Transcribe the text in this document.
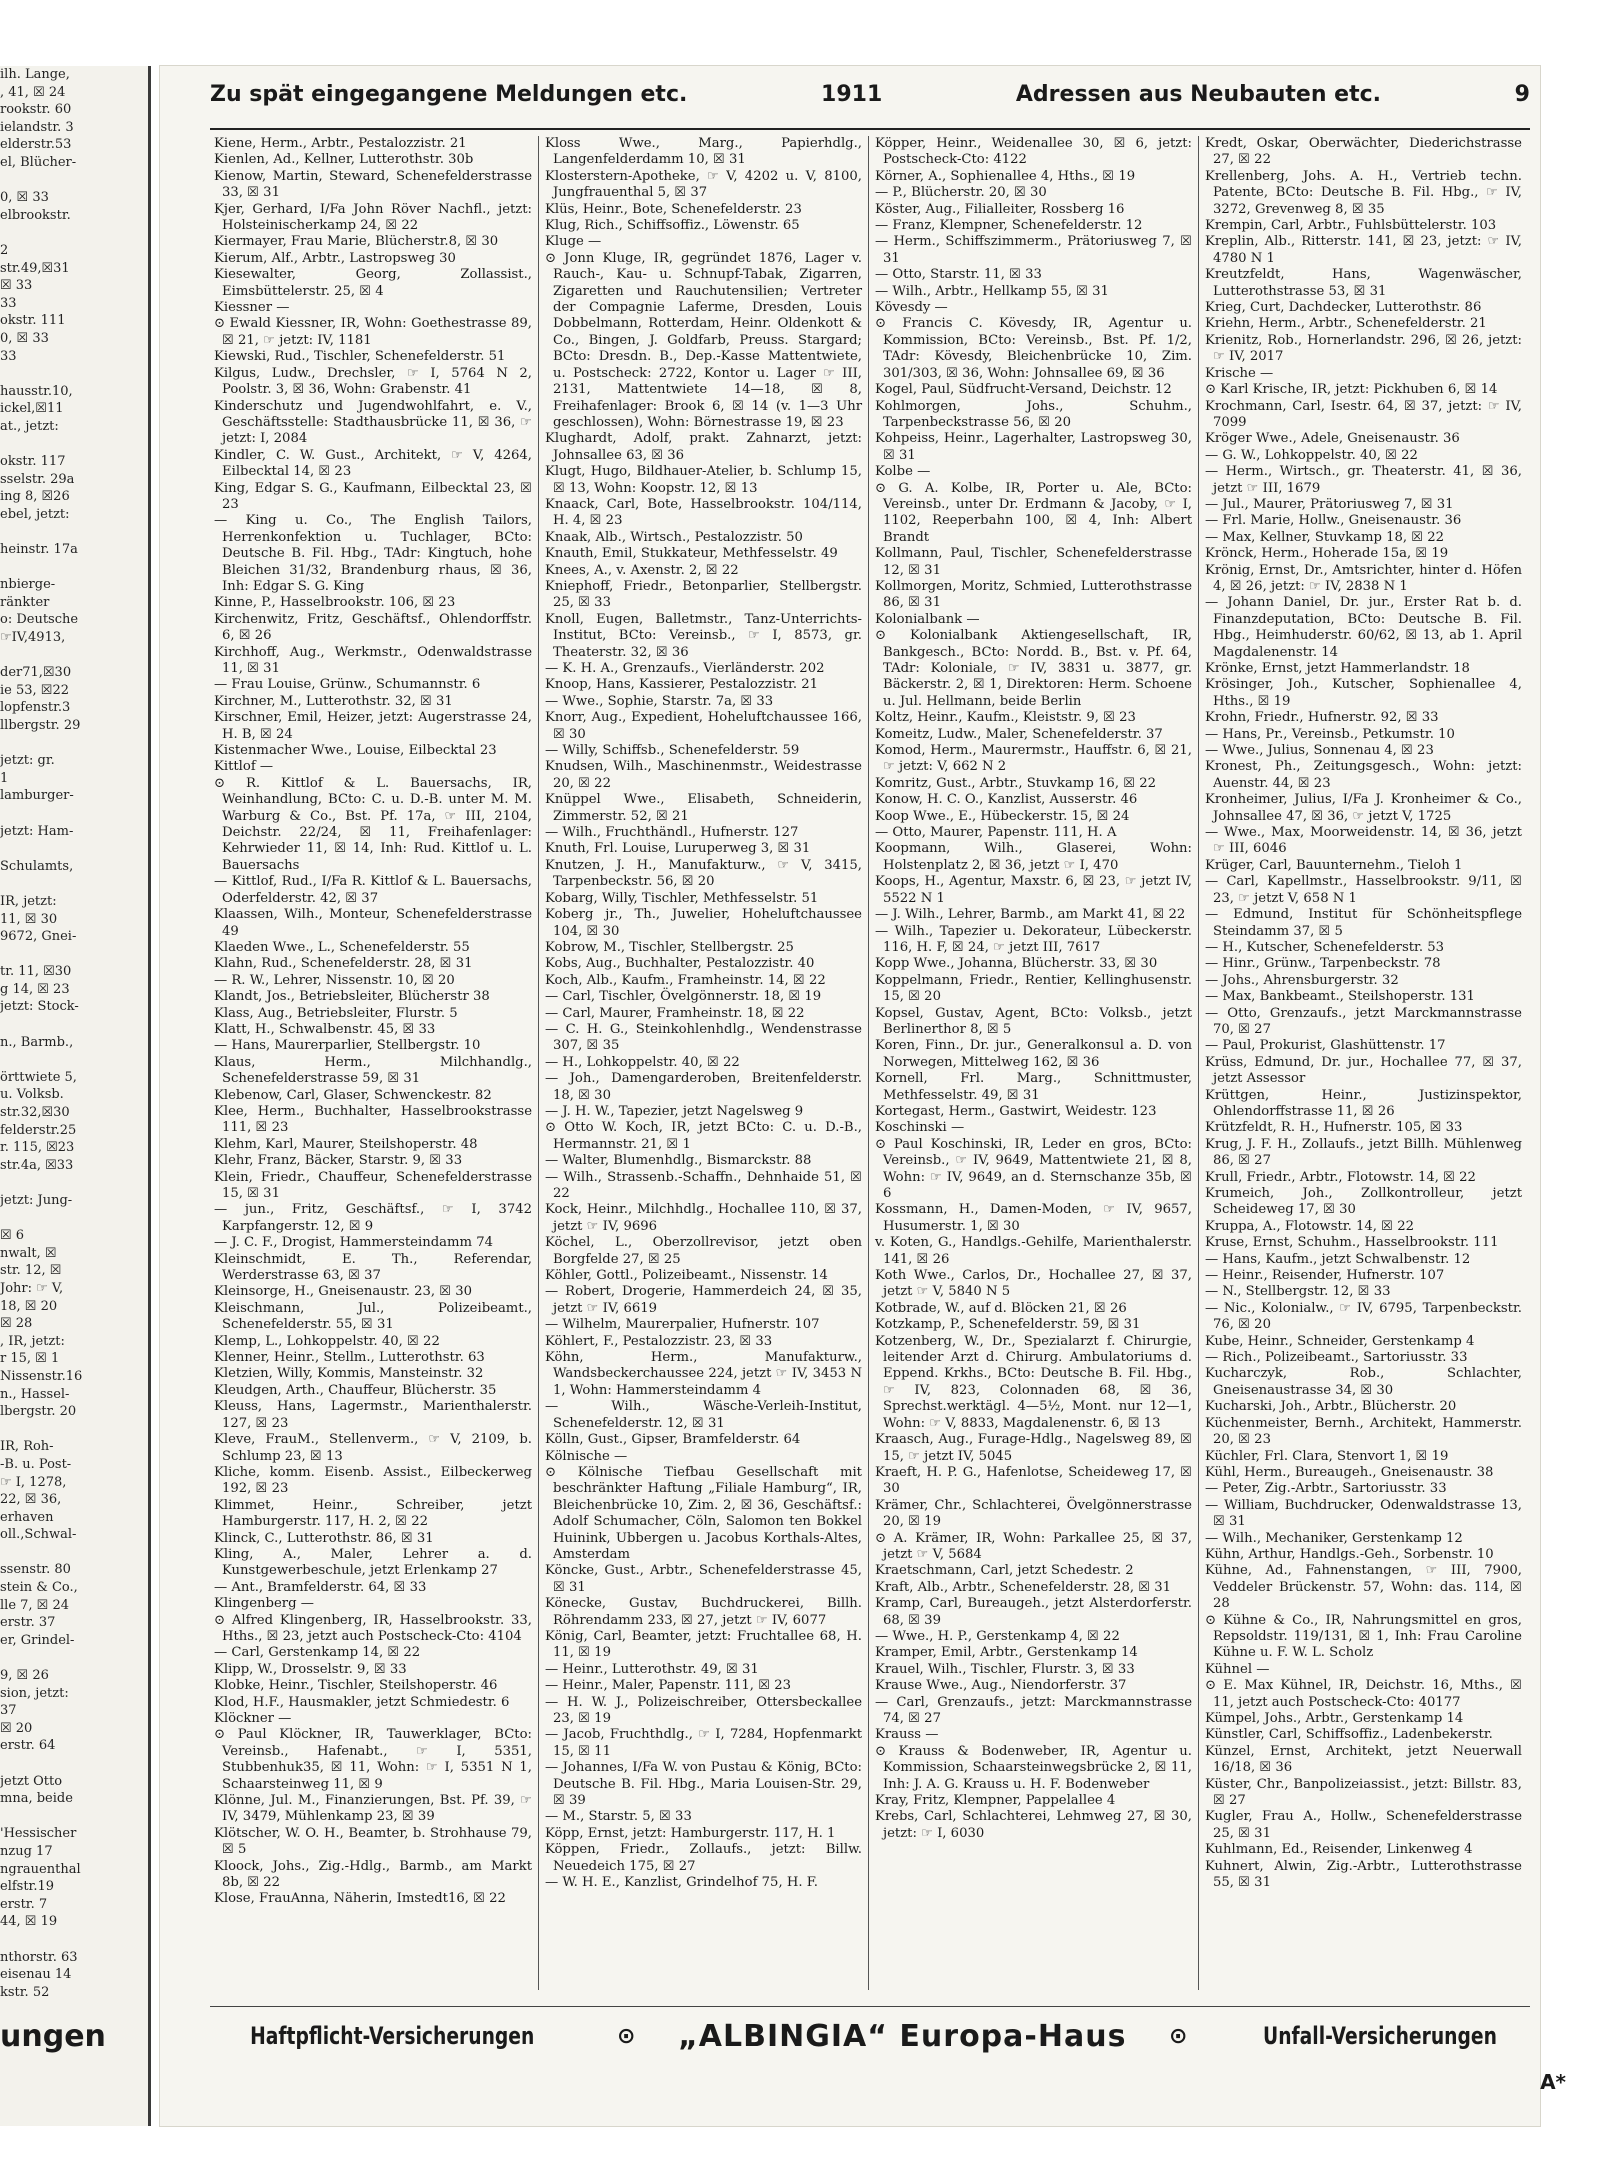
ilh. Lange,
, 41, ☒ 24
rookstr. 60
ielandstr. 3
elderstr.53
el, Blücher-

0, ☒ 33
elbrookstr.

2
str.49,☒31
☒ 33
33
okstr. 111
0, ☒ 33
33

hausstr.10,
ickel,☒11
at., jetzt:

okstr. 117
sselstr. 29a
ing 8, ☒26
ebel, jetzt:

heinstr. 17a

nbierge-
ränkter
o: Deutsche
☞IV,4913,

der71,☒30
ie 53, ☒22
lopfenstr.3
llbergstr. 29

jetzt: gr.
1
lamburger-

jetzt: Ham-

Schulamts,

IR, jetzt:
11, ☒ 30
9672, Gnei-

tr. 11, ☒30
g 14, ☒ 23
jetzt: Stock-

n., Barmb.,

örttwiete 5,
u. Volksb.
str.32,☒30
felderstr.25
r. 115, ☒23
str.4a, ☒33

jetzt: Jung-

☒ 6
nwalt, ☒
str. 12, ☒
Johr: ☞ V,
18, ☒ 20
☒ 28
, IR, jetzt:
r 15, ☒ 1
Nissenstr.16
n., Hassel-
lbergstr. 20

IR, Roh-
-B. u. Post-
☞ I, 1278,
22, ☒ 36,
erhaven
oll.,Schwal-

ssenstr. 80
stein & Co.,
lle 7, ☒ 24
erstr. 37
er, Grindel-

9, ☒ 26
sion, jetzt:
37
☒ 20
erstr. 64

jetzt Otto
mna, beide

'Hessischer
nzug 17
ngrauenthal
elfstr.19
erstr. 7
44, ☒ 19

nthorstr. 63
eisenau 14
kstr. 52
ungen
Zu spät eingegangene Meldungen etc.	1911	Adressen aus Neubauten etc.	9

Kiene, Herm., Arbtr., Pestalozzistr. 21

Kienlen, Ad., Kellner, Lutterothstr. 30b

Kienow, Martin, Steward, Schenefelderstrasse 33, ☒ 31

Kjer, Gerhard, I/Fa John Röver Nachfl., jetzt: Holsteinischerkamp 24, ☒ 22

Kiermayer, Frau Marie, Blücherstr.8, ☒ 30

Kierum, Alf., Arbtr., Lastropsweg 30

Kiesewalter, Georg, Zollassist., Eimsbüttelerstr. 25, ☒ 4

Kiessner —

⊙ Ewald Kiessner, IR, Wohn: Goethestrasse 89, ☒ 21, ☞ jetzt: IV, 1181

Kiewski, Rud., Tischler, Schenefelderstr. 51

Kilgus, Ludw., Drechsler, ☞ I, 5764 N 2, Poolstr. 3, ☒ 36, Wohn: Grabenstr. 41

Kinderschutz und Jugendwohlfahrt, e. V., Geschäftsstelle: Stadthausbrücke 11, ☒ 36, ☞ jetzt: I, 2084

Kindler, C. W. Gust., Architekt, ☞ V, 4264, Eilbecktal 14, ☒ 23

King, Edgar S. G., Kaufmann, Eilbecktal 23, ☒ 23

— King u. Co., The English Tailors, Herrenkonfektion u. Tuchlager, BCto: Deutsche B. Fil. Hbg., TAdr: Kingtuch, hohe Bleichen 31/32, Brandenburg rhaus, ☒ 36, Inh: Edgar S. G. King

Kinne, P., Hasselbrookstr. 106, ☒ 23

Kirchenwitz, Fritz, Geschäftsf., Ohlendorffstr. 6, ☒ 26

Kirchhoff, Aug., Werkmstr., Odenwaldstrasse 11, ☒ 31

— Frau Louise, Grünw., Schumannstr. 6

Kirchner, M., Lutterothstr. 32, ☒ 31

Kirschner, Emil, Heizer, jetzt: Augerstrasse 24, H. B, ☒ 24

Kistenmacher Wwe., Louise, Eilbecktal 23

Kittlof —

⊙ R. Kittlof & L. Bauersachs, IR, Weinhandlung, BCto: C. u. D.-B. unter M. M. Warburg & Co., Bst. Pf. 17a, ☞ III, 2104, Deichstr. 22/24, ☒ 11, Freihafenlager: Kehrwieder 11, ☒ 14, Inh: Rud. Kittlof u. L. Bauersachs

— Kittlof, Rud., I/Fa R. Kittlof & L. Bauersachs, Oderfelderstr. 42, ☒ 37

Klaassen, Wilh., Monteur, Schenefelderstrasse 49

Klaeden Wwe., L., Schenefelderstr. 55

Klahn, Rud., Schenefelderstr. 28, ☒ 31

— R. W., Lehrer, Nissenstr. 10, ☒ 20

Klandt, Jos., Betriebsleiter, Blücherstr 38

Klass, Aug., Betriebsleiter, Flurstr. 5

Klatt, H., Schwalbenstr. 45, ☒ 33

— Hans, Maurerparlier, Stellbergstr. 10

Klaus, Herm., Milchhandlg., Schenefelderstrasse 59, ☒ 31

Klebenow, Carl, Glaser, Schwenckestr. 82

Klee, Herm., Buchhalter, Hasselbrookstrasse 111, ☒ 23

Klehm, Karl, Maurer, Steilshoperstr. 48

Klehr, Franz, Bäcker, Starstr. 9, ☒ 33

Klein, Friedr., Chauffeur, Schenefelderstrasse 15, ☒ 31

— jun., Fritz, Geschäftsf., ☞ I, 3742 Karpfangerstr. 12, ☒ 9

— J. C. F., Drogist, Hammersteindamm 74

Kleinschmidt, E. Th., Referendar, Werderstrasse 63, ☒ 37

Kleinsorge, H., Gneisenaustr. 23, ☒ 30

Kleischmann, Jul., Polizeibeamt., Schenefelderstr. 55, ☒ 31

Klemp, L., Lohkoppelstr. 40, ☒ 22

Klenner, Heinr., Stellm., Lutterothstr. 63

Kletzien, Willy, Kommis, Mansteinstr. 32

Kleudgen, Arth., Chauffeur, Blücherstr. 35

Kleuss, Hans, Lagermstr., Marienthalerstr. 127, ☒ 23

Kleve, FrauM., Stellenverm., ☞ V, 2109, b. Schlump 23, ☒ 13

Kliche, komm. Eisenb. Assist., Eilbeckerweg 192, ☒ 23

Klimmet, Heinr., Schreiber, jetzt Hamburgerstr. 117, H. 2, ☒ 22

Klinck, C., Lutterothstr. 86, ☒ 31

Kling, A., Maler, Lehrer a. d. Kunstgewerbeschule, jetzt Erlenkamp 27

— Ant., Bramfelderstr. 64, ☒ 33

Klingenberg —

⊙ Alfred Klingenberg, IR, Hasselbrookstr. 33, Hths., ☒ 23, jetzt auch Postscheck-Cto: 4104

— Carl, Gerstenkamp 14, ☒ 22

Klipp, W., Drosselstr. 9, ☒ 33

Klobke, Heinr., Tischler, Steilshoperstr. 46

Klod, H.F., Hausmakler, jetzt Schmiedestr. 6

Klöckner —

⊙ Paul Klöckner, IR, Tauwerklager, BCto: Vereinsb., Hafenabt., ☞ I, 5351, Stubbenhuk35, ☒ 11, Wohn: ☞ I, 5351 N 1, Schaarsteinweg 11, ☒ 9

Klönne, Jul. M., Finanzierungen, Bst. Pf. 39, ☞ IV, 3479, Mühlenkamp 23, ☒ 39

Klötscher, W. O. H., Beamter, b. Strohhause 79, ☒ 5

Kloock, Johs., Zig.-Hdlg., Barmb., am Markt 8b, ☒ 22

Klose, FrauAnna, Näherin, Imstedt16, ☒ 22

Kloss Wwe., Marg., Papierhdlg., Langenfelderdamm 10, ☒ 31

Klosterstern-Apotheke, ☞ V, 4202 u. V, 8100, Jungfrauenthal 5, ☒ 37

Klüs, Heinr., Bote, Schenefelderstr. 23

Klug, Rich., Schiffsoffiz., Löwenstr. 65

Kluge —

⊙ Jonn Kluge, IR, gegründet 1876, Lager v. Rauch-, Kau- u. Schnupf-Tabak, Zigarren, Zigaretten und Rauchutensilien; Vertreter der Compagnie Laferme, Dresden, Louis Dobbelmann, Rotterdam, Heinr. Oldenkott & Co., Bingen, J. Goldfarb, Preuss. Stargard; BCto: Dresdn. B., Dep.-Kasse Mattentwiete, u. Postscheck: 2722, Kontor u. Lager ☞ III, 2131, Mattentwiete 14—18, ☒ 8, Freihafenlager: Brook 6, ☒ 14 (v. 1—3 Uhr geschlossen), Wohn: Börnestrasse 19, ☒ 23

Klughardt, Adolf, prakt. Zahnarzt, jetzt: Johnsallee 63, ☒ 36

Klugt, Hugo, Bildhauer-Atelier, b. Schlump 15, ☒ 13, Wohn: Koopstr. 12, ☒ 13

Knaack, Carl, Bote, Hasselbrookstr. 104/114, H. 4, ☒ 23

Knaak, Alb., Wirtsch., Pestalozzistr. 50

Knauth, Emil, Stukkateur, Methfesselstr. 49

Knees, A., v. Axenstr. 2, ☒ 22

Kniephoff, Friedr., Betonparlier, Stellbergstr. 25, ☒ 33

Knoll, Eugen, Balletmstr., Tanz-Unterrichts-Institut, BCto: Vereinsb., ☞ I, 8573, gr. Theaterstr. 32, ☒ 36

— K. H. A., Grenzaufs., Vierländerstr. 202

Knoop, Hans, Kassierer, Pestalozzistr. 21

— Wwe., Sophie, Starstr. 7a, ☒ 33

Knorr, Aug., Expedient, Hoheluftchaussee 166, ☒ 30

— Willy, Schiffsb., Schenefelderstr. 59

Knudsen, Wilh., Maschinenmstr., Weidestrasse 20, ☒ 22

Knüppel Wwe., Elisabeth, Schneiderin, Zimmerstr. 52, ☒ 21

— Wilh., Fruchthändl., Hufnerstr. 127

Knuth, Frl. Louise, Luruperweg 3, ☒ 31

Knutzen, J. H., Manufakturw., ☞ V, 3415, Tarpenbeckstr. 56, ☒ 20

Kobarg, Willy, Tischler, Methfesselstr. 51

Koberg jr., Th., Juwelier, Hoheluftchaussee 104, ☒ 30

Kobrow, M., Tischler, Stellbergstr. 25

Kobs, Aug., Buchhalter, Pestalozzistr. 40

Koch, Alb., Kaufm., Framheinstr. 14, ☒ 22

— Carl, Tischler, Övelgönnerstr. 18, ☒ 19

— Carl, Maurer, Framheinstr. 18, ☒ 22

— C. H. G., Steinkohlenhdlg., Wendenstrasse 307, ☒ 35

— H., Lohkoppelstr. 40, ☒ 22

— Joh., Damengarderoben, Breitenfelderstr. 18, ☒ 30

— J. H. W., Tapezier, jetzt Nagelsweg 9

⊙ Otto W. Koch, IR, jetzt BCto: C. u. D.-B., Hermannstr. 21, ☒ 1

— Walter, Blumenhdlg., Bismarckstr. 88

— Wilh., Strassenb.-Schaffn., Dehnhaide 51, ☒ 22

Kock, Heinr., Milchhdlg., Hochallee 110, ☒ 37, jetzt ☞ IV, 9696

Köchel, L., Oberzollrevisor, jetzt oben Borgfelde 27, ☒ 25

Köhler, Gottl., Polizeibeamt., Nissenstr. 14

— Robert, Drogerie, Hammerdeich 24, ☒ 35, jetzt ☞ IV, 6619

— Wilhelm, Maurerpalier, Hufnerstr. 107

Köhlert, F., Pestalozzistr. 23, ☒ 33

Köhn, Herm., Manufakturw., Wandsbeckerchaussee 224, jetzt ☞ IV, 3453 N 1, Wohn: Hammersteindamm 4

— Wilh., Wäsche-Verleih-Institut, Schenefelderstr. 12, ☒ 31

Kölln, Gust., Gipser, Bramfelderstr. 64

Kölnische —

⊙ Kölnische Tiefbau Gesellschaft mit beschränkter Haftung „Filiale Hamburg“, IR, Bleichenbrücke 10, Zim. 2, ☒ 36, Geschäftsf.: Adolf Schumacher, Cöln, Salomon ten Bokkel Huinink, Ubbergen u. Jacobus Korthals-Altes, Amsterdam

Köncke, Gust., Arbtr., Schenefelderstrasse 45, ☒ 31

Könecke, Gustav, Buchdruckerei, Billh. Röhrendamm 233, ☒ 27, jetzt ☞ IV, 6077

König, Carl, Beamter, jetzt: Fruchtallee 68, H. 11, ☒ 19

— Heinr., Lutterothstr. 49, ☒ 31

— Heinr., Maler, Papenstr. 111, ☒ 23

— H. W. J., Polizeischreiber, Ottersbeckallee 23, ☒ 19

— Jacob, Fruchthdlg., ☞ I, 7284, Hopfenmarkt 15, ☒ 11

— Johannes, I/Fa W. von Pustau & König, BCto: Deutsche B. Fil. Hbg., Maria Louisen-Str. 29, ☒ 39

— M., Starstr. 5, ☒ 33

Köpp, Ernst, jetzt: Hamburgerstr. 117, H. 1

Köppen, Friedr., Zollaufs., jetzt: Billw. Neuedeich 175, ☒ 27

— W. H. E., Kanzlist, Grindelhof 75, H. F.

Köpper, Heinr., Weidenallee 30, ☒ 6, jetzt: Postscheck-Cto: 4122

Körner, A., Sophienallee 4, Hths., ☒ 19

— P., Blücherstr. 20, ☒ 30

Köster, Aug., Filialleiter, Rossberg 16

— Franz, Klempner, Schenefelderstr. 12

— Herm., Schiffszimmerm., Prätoriusweg 7, ☒ 31

— Otto, Starstr. 11, ☒ 33

— Wilh., Arbtr., Hellkamp 55, ☒ 31

Kövesdy —

⊙ Francis C. Kövesdy, IR, Agentur u. Kommission, BCto: Vereinsb., Bst. Pf. 1/2, TAdr: Kövesdy, Bleichenbrücke 10, Zim. 301/303, ☒ 36, Wohn: Johnsallee 69, ☒ 36

Kogel, Paul, Südfrucht-Versand, Deichstr. 12

Kohlmorgen, Johs., Schuhm., Tarpenbeckstrasse 56, ☒ 20

Kohpeiss, Heinr., Lagerhalter, Lastropsweg 30, ☒ 31

Kolbe —

⊙ G. A. Kolbe, IR, Porter u. Ale, BCto: Vereinsb., unter Dr. Erdmann & Jacoby, ☞ I, 1102, Reeperbahn 100, ☒ 4, Inh: Albert Brandt

Kollmann, Paul, Tischler, Schenefelderstrasse 12, ☒ 31

Kollmorgen, Moritz, Schmied, Lutterothstrasse 86, ☒ 31

Kolonialbank —

⊙ Kolonialbank Aktiengesellschaft, IR, Bankgesch., BCto: Nordd. B., Bst. v. Pf. 64, TAdr: Koloniale, ☞ IV, 3831 u. 3877, gr. Bäckerstr. 2, ☒ 1, Direktoren: Herm. Schoene u. Jul. Hellmann, beide Berlin

Koltz, Heinr., Kaufm., Kleiststr. 9, ☒ 23

Komeitz, Ludw., Maler, Schenefelderstr. 37

Komod, Herm., Maurermstr., Hauffstr. 6, ☒ 21, ☞ jetzt: V, 662 N 2

Komritz, Gust., Arbtr., Stuvkamp 16, ☒ 22

Konow, H. C. O., Kanzlist, Ausserstr. 46

Koop Wwe., E., Hübeckerstr. 15, ☒ 24

— Otto, Maurer, Papenstr. 111, H. A

Koopmann, Wilh., Glaserei, Wohn: Holstenplatz 2, ☒ 36, jetzt ☞ I, 470

Koops, H., Agentur, Maxstr. 6, ☒ 23, ☞ jetzt IV, 5522 N 1

— J. Wilh., Lehrer, Barmb., am Markt 41, ☒ 22

— Wilh., Tapezier u. Dekorateur, Lübeckerstr. 116, H. F, ☒ 24, ☞ jetzt III, 7617

Kopp Wwe., Johanna, Blücherstr. 33, ☒ 30

Koppelmann, Friedr., Rentier, Kellinghusenstr. 15, ☒ 20

Kopsel, Gustav, Agent, BCto: Volksb., jetzt Berlinerthor 8, ☒ 5

Koren, Finn., Dr. jur., Generalkonsul a. D. von Norwegen, Mittelweg 162, ☒ 36

Kornell, Frl. Marg., Schnittmuster, Methfesselstr. 49, ☒ 31

Kortegast, Herm., Gastwirt, Weidestr. 123

Koschinski —

⊙ Paul Koschinski, IR, Leder en gros, BCto: Vereinsb., ☞ IV, 9649, Mattentwiete 21, ☒ 8, Wohn: ☞ IV, 9649, an d. Sternschanze 35b, ☒ 6

Kossmann, H., Damen-Moden, ☞ IV, 9657, Husumerstr. 1, ☒ 30

v. Koten, G., Handlgs.-Gehilfe, Marienthalerstr. 141, ☒ 26

Koth Wwe., Carlos, Dr., Hochallee 27, ☒ 37, jetzt ☞ V, 5840 N 5

Kotbrade, W., auf d. Blöcken 21, ☒ 26

Kotzkamp, P., Schenefelderstr. 59, ☒ 31

Kotzenberg, W., Dr., Spezialarzt f. Chirurgie, leitender Arzt d. Chirurg. Ambulatoriums d. Eppend. Krkhs., BCto: Deutsche B. Fil. Hbg., ☞ IV, 823, Colonnaden 68, ☒ 36, Sprechst.werktägl. 4—5½, Mont. nur 12—1, Wohn: ☞ V, 8833, Magdalenenstr. 6, ☒ 13

Kraasch, Aug., Furage-Hdlg., Nagelsweg 89, ☒ 15, ☞ jetzt IV, 5045

Kraeft, H. P. G., Hafenlotse, Scheideweg 17, ☒ 30

Krämer, Chr., Schlachterei, Övelgönnerstrasse 20, ☒ 19

⊙ A. Krämer, IR, Wohn: Parkallee 25, ☒ 37, jetzt ☞ V, 5684

Kraetschmann, Carl, jetzt Schedestr. 2

Kraft, Alb., Arbtr., Schenefelderstr. 28, ☒ 31

Kramp, Carl, Bureaugeh., jetzt Alsterdorferstr. 68, ☒ 39

— Wwe., H. P., Gerstenkamp 4, ☒ 22

Kramper, Emil, Arbtr., Gerstenkamp 14

Krauel, Wilh., Tischler, Flurstr. 3, ☒ 33

Krause Wwe., Aug., Niendorferstr. 37

— Carl, Grenzaufs., jetzt: Marckmannstrasse 74, ☒ 27

Krauss —

⊙ Krauss & Bodenweber, IR, Agentur u. Kommission, Schaarsteinwegsbrücke 2, ☒ 11, Inh: J. A. G. Krauss u. H. F. Bodenweber

Kray, Fritz, Klempner, Pappelallee 4

Krebs, Carl, Schlachterei, Lehmweg 27, ☒ 30, jetzt: ☞ I, 6030

Kredt, Oskar, Oberwächter, Diederichstrasse 27, ☒ 22

Krellenberg, Johs. A. H., Vertrieb techn. Patente, BCto: Deutsche B. Fil. Hbg., ☞ IV, 3272, Grevenweg 8, ☒ 35

Krempin, Carl, Arbtr., Fuhlsbüttelerstr. 103

Kreplin, Alb., Ritterstr. 141, ☒ 23, jetzt: ☞ IV, 4780 N 1

Kreutzfeldt, Hans, Wagenwäscher, Lutterothstrasse 53, ☒ 31

Krieg, Curt, Dachdecker, Lutterothstr. 86

Kriehn, Herm., Arbtr., Schenefelderstr. 21

Krienitz, Rob., Hornerlandstr. 296, ☒ 26, jetzt: ☞ IV, 2017

Krische —

⊙ Karl Krische, IR, jetzt: Pickhuben 6, ☒ 14

Krochmann, Carl, Isestr. 64, ☒ 37, jetzt: ☞ IV, 7099

Kröger Wwe., Adele, Gneisenaustr. 36

— G. W., Lohkoppelstr. 40, ☒ 22

— Herm., Wirtsch., gr. Theaterstr. 41, ☒ 36, jetzt ☞ III, 1679

— Jul., Maurer, Prätoriusweg 7, ☒ 31

— Frl. Marie, Hollw., Gneisenaustr. 36

— Max, Kellner, Stuvkamp 18, ☒ 22

Krönck, Herm., Hoherade 15a, ☒ 19

Krönig, Ernst, Dr., Amtsrichter, hinter d. Höfen 4, ☒ 26, jetzt: ☞ IV, 2838 N 1

— Johann Daniel, Dr. jur., Erster Rat b. d. Finanzdeputation, BCto: Deutsche B. Fil. Hbg., Heimhuderstr. 60/62, ☒ 13, ab 1. April Magdalenenstr. 14

Krönke, Ernst, jetzt Hammerlandstr. 18

Krösinger, Joh., Kutscher, Sophienallee 4, Hths., ☒ 19

Krohn, Friedr., Hufnerstr. 92, ☒ 33

— Hans, Pr., Vereinsb., Petkumstr. 10

— Wwe., Julius, Sonnenau 4, ☒ 23

Kronest, Ph., Zeitungsgesch., Wohn: jetzt: Auenstr. 44, ☒ 23

Kronheimer, Julius, I/Fa J. Kronheimer & Co., Johnsallee 47, ☒ 36, ☞ jetzt V, 1725

— Wwe., Max, Moorweidenstr. 14, ☒ 36, jetzt ☞ III, 6046

Krüger, Carl, Bauunternehm., Tieloh 1

— Carl, Kapellmstr., Hasselbrookstr. 9/11, ☒ 23, ☞ jetzt V, 658 N 1

— Edmund, Institut für Schönheitspflege Steindamm 37, ☒ 5

— H., Kutscher, Schenefelderstr. 53

— Hinr., Grünw., Tarpenbeckstr. 78

— Johs., Ahrensburgerstr. 32

— Max, Bankbeamt., Steilshoperstr. 131

— Otto, Grenzaufs., jetzt Marckmannstrasse 70, ☒ 27

— Paul, Prokurist, Glashüttenstr. 17

Krüss, Edmund, Dr. jur., Hochallee 77, ☒ 37, jetzt Assessor

Krüttgen, Heinr., Justizinspektor, Ohlendorffstrasse 11, ☒ 26

Krützfeldt, R. H., Hufnerstr. 105, ☒ 33

Krug, J. F. H., Zollaufs., jetzt Billh. Mühlenweg 86, ☒ 27

Krull, Friedr., Arbtr., Flotowstr. 14, ☒ 22

Krumeich, Joh., Zollkontrolleur, jetzt Scheideweg 17, ☒ 30

Kruppa, A., Flotowstr. 14, ☒ 22

Kruse, Ernst, Schuhm., Hasselbrookstr. 111

— Hans, Kaufm., jetzt Schwalbenstr. 12

— Heinr., Reisender, Hufnerstr. 107

— N., Stellbergstr. 12, ☒ 33

— Nic., Kolonialw., ☞ IV, 6795, Tarpenbeckstr. 76, ☒ 20

Kube, Heinr., Schneider, Gerstenkamp 4

— Rich., Polizeibeamt., Sartoriusstr. 33

Kucharczyk, Rob., Schlachter, Gneisenaustrasse 34, ☒ 30

Kucharski, Joh., Arbtr., Blücherstr. 20

Küchenmeister, Bernh., Architekt, Hammerstr. 20, ☒ 23

Küchler, Frl. Clara, Stenvort 1, ☒ 19

Kühl, Herm., Bureaugeh., Gneisenaustr. 38

— Peter, Zig.-Arbtr., Sartoriusstr. 33

— William, Buchdrucker, Odenwaldstrasse 13, ☒ 31

— Wilh., Mechaniker, Gerstenkamp 12

Kühn, Arthur, Handlgs.-Geh., Sorbenstr. 10

Kühne, Ad., Fahnenstangen, ☞ III, 7900, Veddeler Brückenstr. 57, Wohn: das. 114, ☒ 28

⊙ Kühne & Co., IR, Nahrungsmittel en gros, Repsoldstr. 119/131, ☒ 1, Inh: Frau Caroline Kühne u. F. W. L. Scholz

Kühnel —

⊙ E. Max Kühnel, IR, Deichstr. 16, Mths., ☒ 11, jetzt auch Postscheck-Cto: 40177

Kümpel, Johs., Arbtr., Gerstenkamp 14

Künstler, Carl, Schiffsoffiz., Ladenbekerstr.

Künzel, Ernst, Architekt, jetzt Neuerwall 16/18, ☒ 36

Küster, Chr., Banpolizeiassist., jetzt: Billstr. 83, ☒ 27

Kugler, Frau A., Hollw., Schenefelderstrasse 25, ☒ 31

Kuhlmann, Ed., Reisender, Linkenweg 4

Kuhnert, Alwin, Zig.-Arbtr., Lutterothstrasse 55, ☒ 31

Haftpflicht-Versicherungen	⊙ „ALBINGIA“ Europa-Haus ⊙	Unfall-Versicherungen
A*
